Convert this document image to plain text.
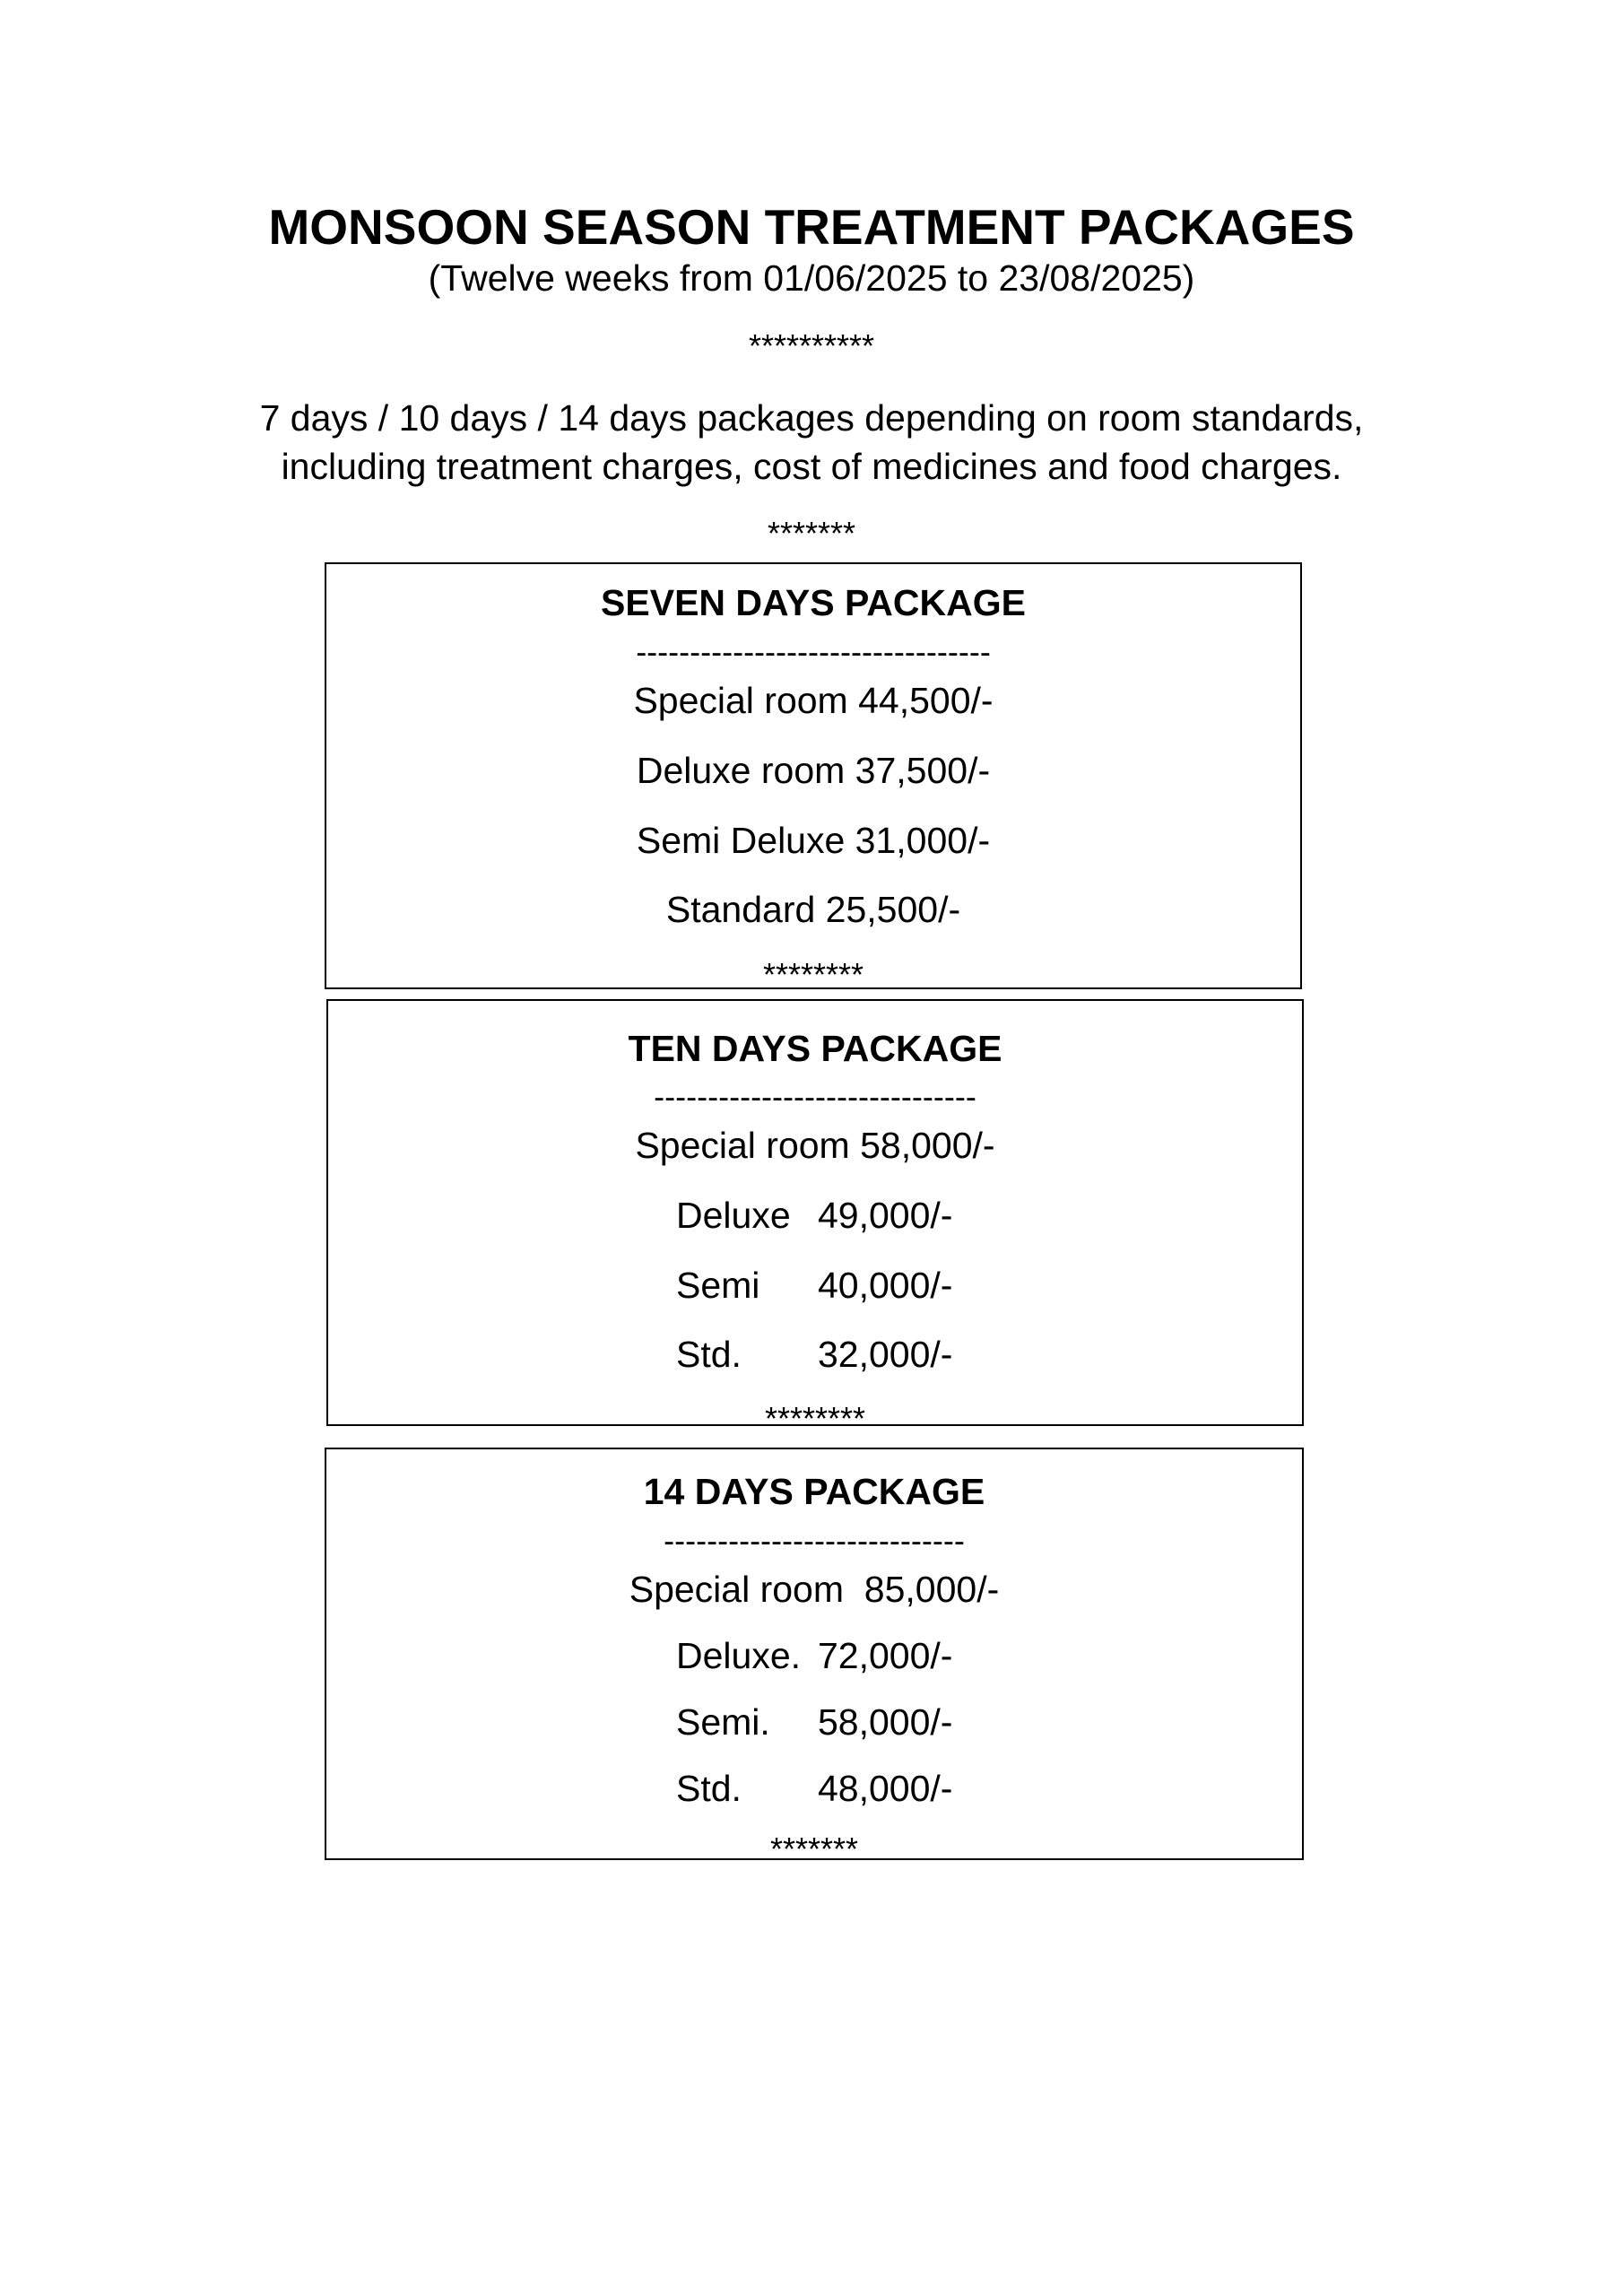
MONSOON SEASON TREATMENT PACKAGES
(Twelve weeks from 01/06/2025 to 23/08/2025)
**********
7 days / 10 days / 14 days packages depending on room standards,
including treatment charges, cost of medicines and food charges.
*******
SEVEN DAYS PACKAGE
---------------------------------
Special room 44,500/-
Deluxe room 37,500/-
Semi Deluxe 31,000/-
Standard 25,500/-
********
TEN DAYS PACKAGE
------------------------------
Special room 58,000/-
Deluxe 49,000/-
Semi 40,000/-
Std. 32,000/-
********
14 DAYS PACKAGE
----------------------------
Special room  85,000/-
Deluxe. 72,000/-
Semi. 58,000/-
Std. 48,000/-
*******
